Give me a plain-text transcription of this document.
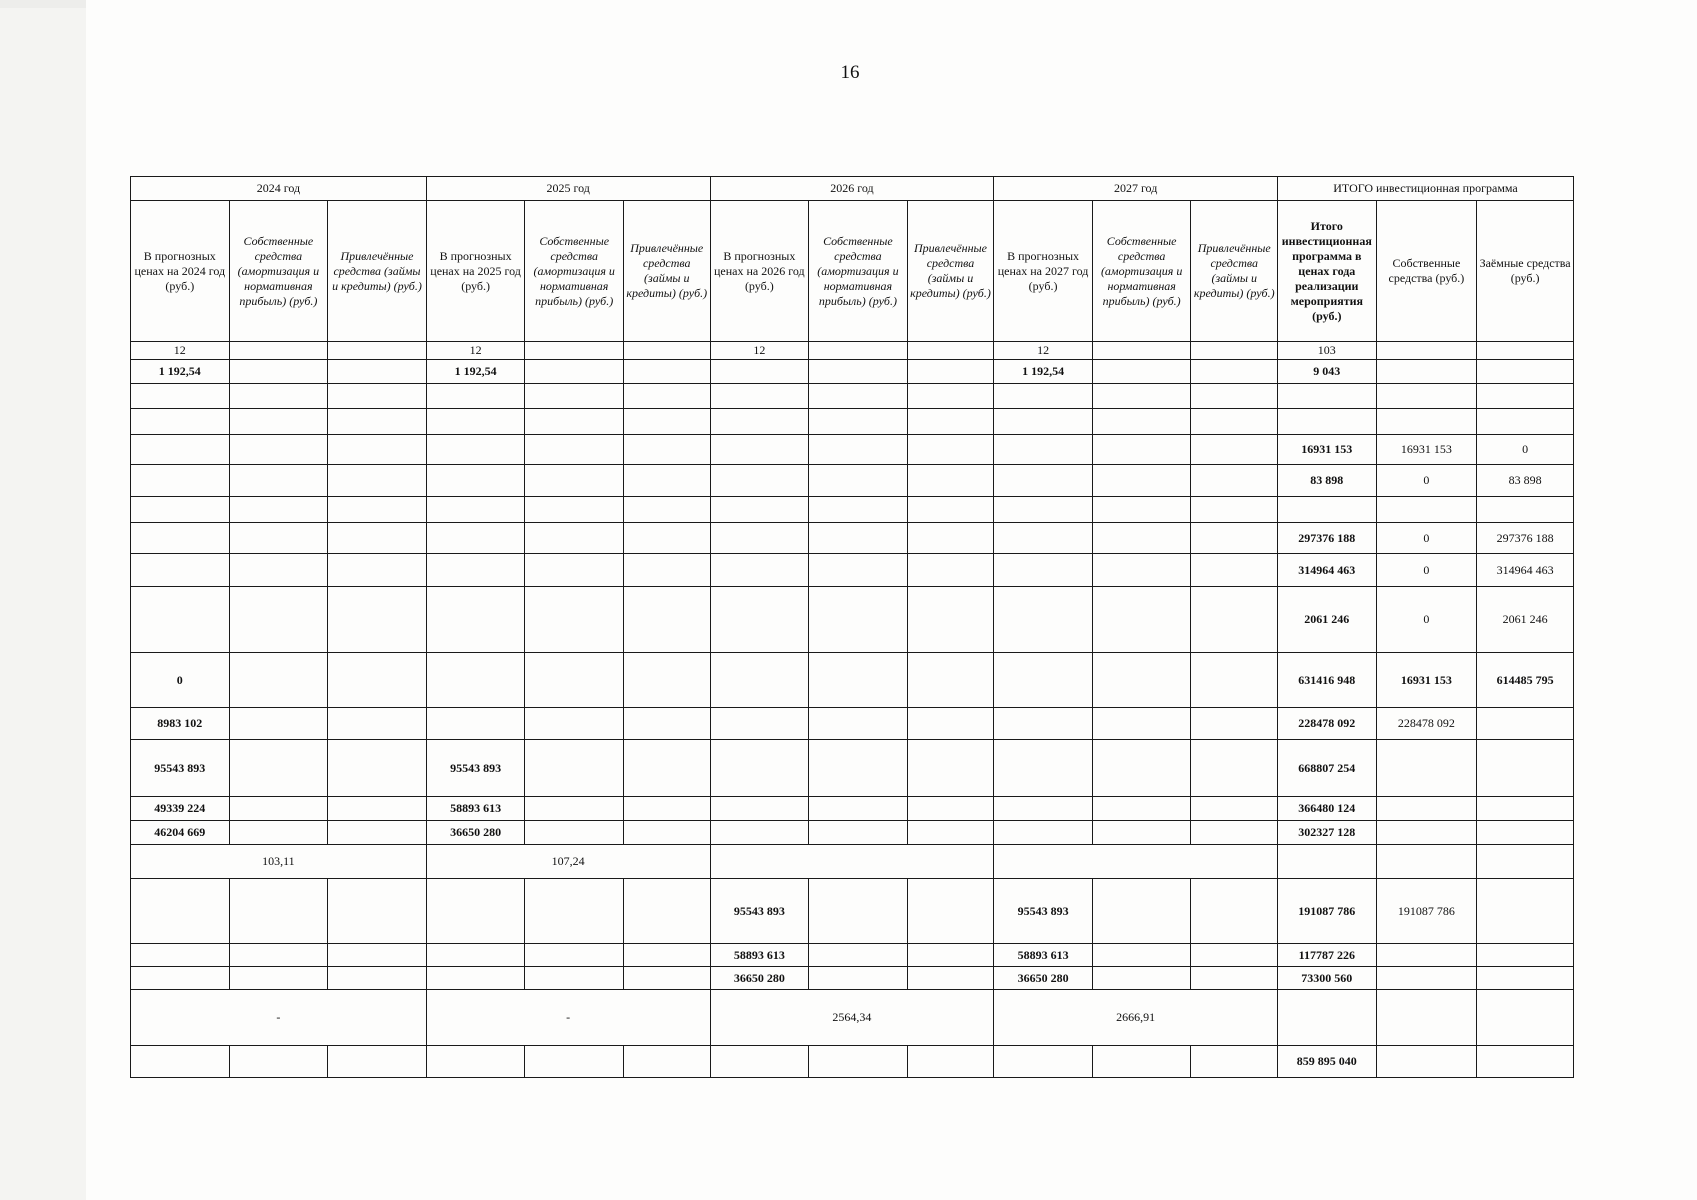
16
2024 год			2025 год			2026 год			2027 год			ИТОГО инвестиционная программа		
В прогнозных ценах на 2024 год (руб.)	Собственные средства (амортизация и нормативная прибыль) (руб.)	Привлечённые средства (займы и кредиты) (руб.)	В прогнозных ценах на 2025 год (руб.)	Собственные средства (амортизация и нормативная прибыль) (руб.)	Привлечённые средства (займы и кредиты) (руб.)	В прогнозных ценах на 2026 год (руб.)	Собственные средства (амортизация и нормативная прибыль) (руб.)	Привлечённые средства (займы и кредиты) (руб.)	В прогнозных ценах на 2027 год (руб.)	Собственные средства (амортизация и нормативная прибыль) (руб.)	Привлечённые средства (займы и кредиты) (руб.)	Итого инвестиционная программа в ценах года реализации мероприятия (руб.)	Собственные средства (руб.)	Заёмные средства (руб.)
12			12			12			12			103		
1 192,54			1 192,54						1 192,54			9 043		

												16931 153	16931 153	0
												83 898	0	83 898

												297376 188	0	297376 188
												314964 463	0	314964 463
												2061 246	0	2061 246
0												631416 948	16931 153	614485 795
8983 102												228478 092	228478 092	
95543 893			95543 893									668807 254		
49339 224			58893 613									366480 124		
46204 669			36650 280									302327 128		
103,11			107,24											
						95543 893			95543 893			191087 786	191087 786	
						58893 613			58893 613			117787 226		
						36650 280			36650 280			73300 560		
-			-			2564,34			2666,91					
												859 895 040		
